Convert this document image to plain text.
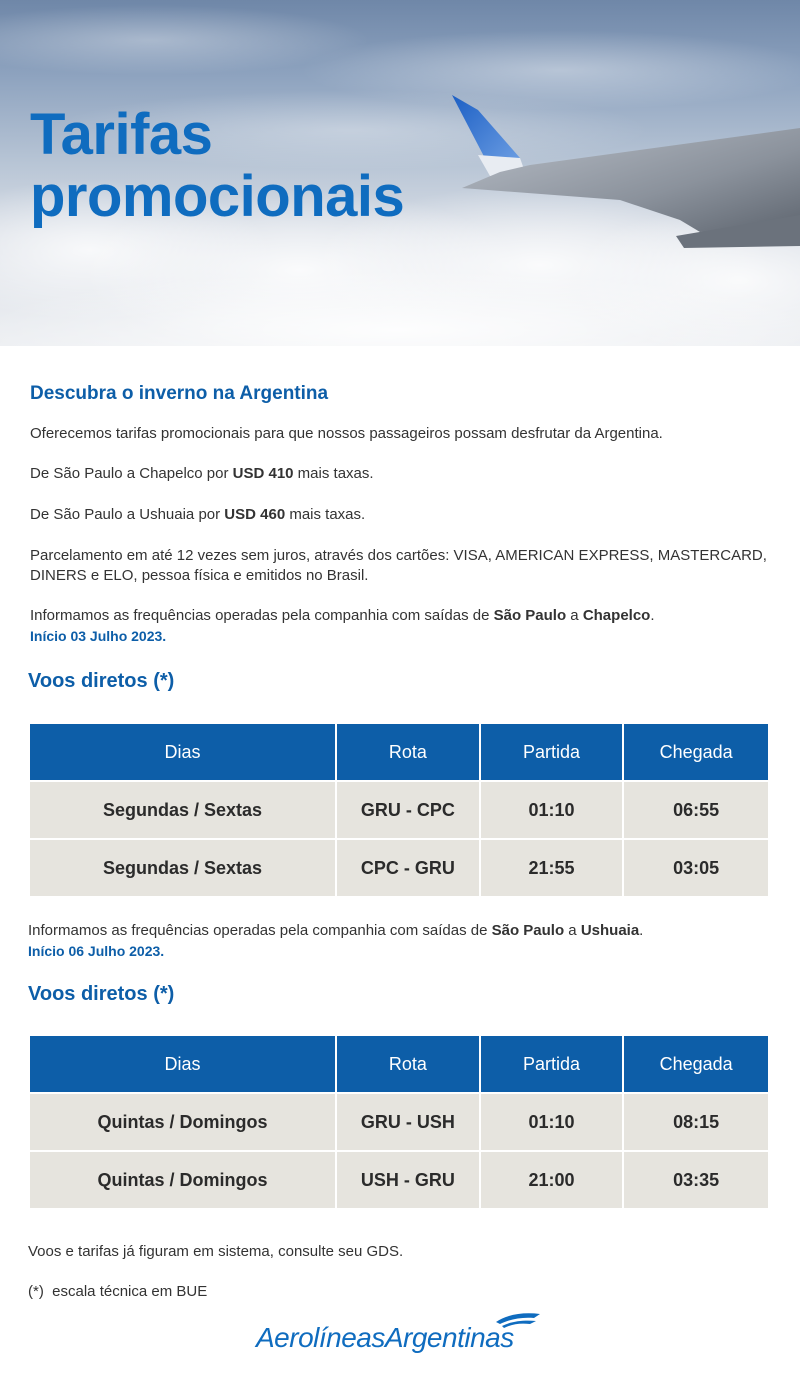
Tarifas
promocionais
Descubra o inverno na Argentina
Oferecemos tarifas promocionais para que nossos passageiros possam desfrutar da Argentina.
De São Paulo a Chapelco por USD 410 mais taxas.
De São Paulo a Ushuaia por USD 460 mais taxas.
Parcelamento em até 12 vezes sem juros, através dos cartões: VISA, AMERICAN EXPRESS, MASTERCARD,
DINERS e ELO, pessoa física e emitidos no Brasil.
Informamos as frequências operadas pela companhia com saídas de São Paulo a Chapelco.
Início 03 Julho 2023.
Voos diretos (*)
Dias	Rota	Partida	Chegada
Segundas / Sextas	GRU - CPC	01:10	06:55
Segundas / Sextas	CPC - GRU	21:55	03:05
Informamos as frequências operadas pela companhia com saídas de São Paulo a Ushuaia.
Início 06 Julho 2023.
Voos diretos (*)
Dias	Rota	Partida	Chegada
Quintas / Domingos	GRU - USH	01:10	08:15
Quintas / Domingos	USH - GRU	21:00	03:35
Voos e tarifas já figuram em sistema, consulte seu GDS.
(*)  escala técnica em BUE
AerolíneasArgentinas
